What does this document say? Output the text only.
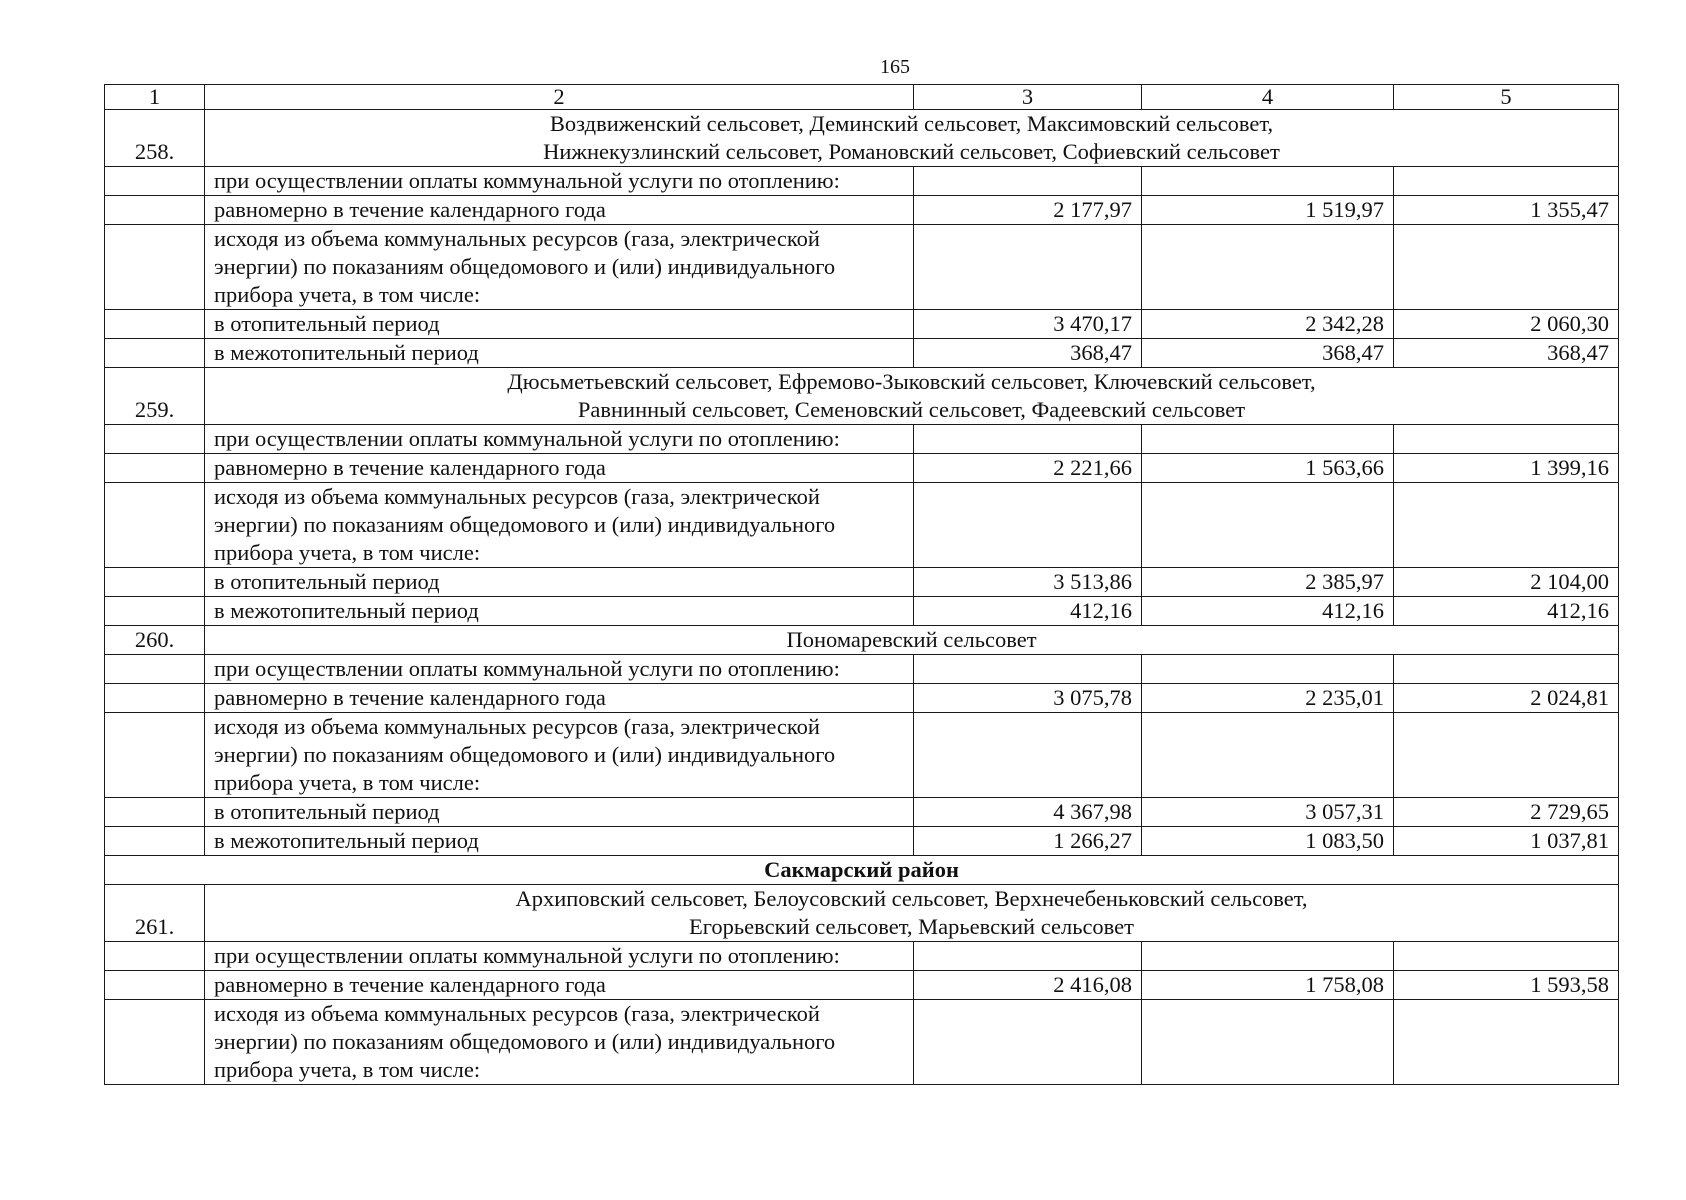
165
1	2	3	4	5
258.	Воздвиженский сельсовет, Деминский сельсовет, Максимовский сельсовет,
Нижнекузлинский сельсовет, Романовский сельсовет, Софиевский сельсовет			

	при осуществлении оплаты коммунальной услуги по отоплению:			
	равномерно в течение календарного года	2 177,97	1 519,97	1 355,47
	исходя из объема коммунальных ресурсов (газа, электрической энергии) по показаниям общедомового и (или) индивидуального прибора учета, в том числе:			
	в отопительный период	3 470,17	2 342,28	2 060,30
	в межотопительный период	368,47	368,47	368,47
259.	Дюсьметьевский сельсовет, Ефремово-Зыковский сельсовет, Ключевский сельсовет,
Равнинный сельсовет, Семеновский сельсовет, Фадеевский сельсовет			

	при осуществлении оплаты коммунальной услуги по отоплению:			
	равномерно в течение календарного года	2 221,66	1 563,66	1 399,16
	исходя из объема коммунальных ресурсов (газа, электрической энергии) по показаниям общедомового и (или) индивидуального прибора учета, в том числе:			
	в отопительный период	3 513,86	2 385,97	2 104,00
	в межотопительный период	412,16	412,16	412,16
260.	Пономаревский сельсовет			

	при осуществлении оплаты коммунальной услуги по отоплению:			
	равномерно в течение календарного года	3 075,78	2 235,01	2 024,81
	исходя из объема коммунальных ресурсов (газа, электрической энергии) по показаниям общедомового и (или) индивидуального прибора учета, в том числе:			
	в отопительный период	4 367,98	3 057,31	2 729,65
	в межотопительный период	1 266,27	1 083,50	1 037,81
Сакмарский район				
261.	Архиповский сельсовет, Белоусовский сельсовет, Верхнечебеньковский сельсовет,
Егорьевский сельсовет, Марьевский сельсовет			

	при осуществлении оплаты коммунальной услуги по отоплению:			
	равномерно в течение календарного года	2 416,08	1 758,08	1 593,58
	исходя из объема коммунальных ресурсов (газа, электрической энергии) по показаниям общедомового и (или) индивидуального прибора учета, в том числе:			
